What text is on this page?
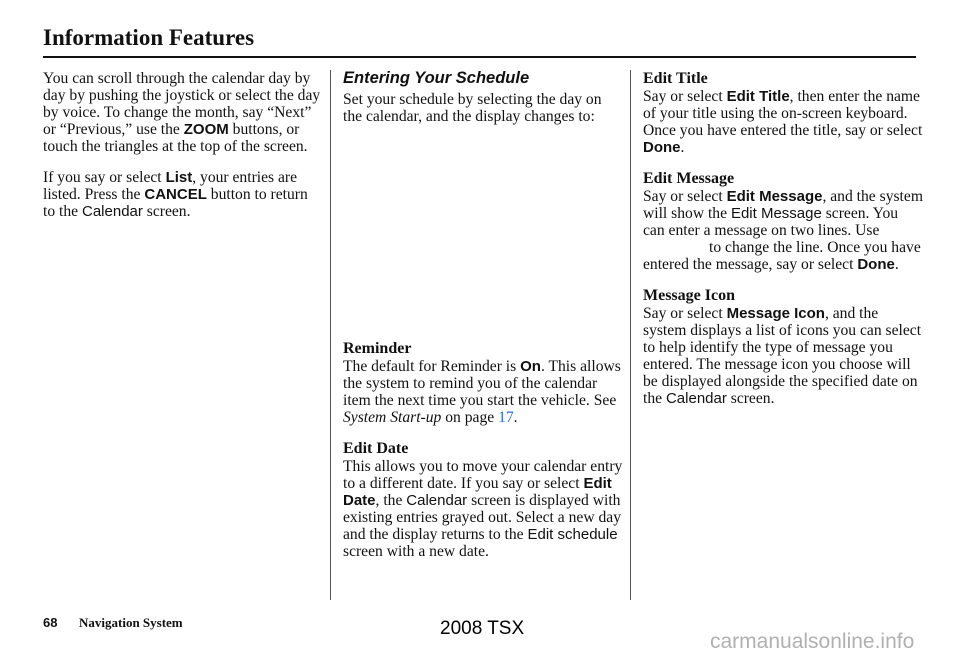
Information Features

You can scroll through the calendar day by day by pushing the joystick or select the day by voice. To change the month, say “Next” or “Previous,” use the ZOOM buttons, or touch the triangles at the top of the screen.

If you say or select List, your entries are listed. Press the CANCEL button to return to the Calendar screen.

Entering Your Schedule

Set your schedule by selecting the day on the calendar, and the display changes to:

Reminder

The default for Reminder is On. This allows the system to remind you of the calendar item the next time you start the vehicle. See System Start-up on page 17.

Edit Date

This allows you to move your calendar entry to a different date. If you say or select Edit Date, the Calendar screen is displayed with existing entries grayed out. Select a new day and the display returns to the Edit schedule screen with a new date.

Edit Title

Say or select Edit Title, then enter the name of your title using the on-screen keyboard. Once you have entered the title, say or select Done.

Edit Message

Say or select Edit Message, and the system will show the Edit Message screen. You can enter a message on two lines. Useto change the line. Once you have entered the message, say or select Done.

Message Icon

Say or select Message Icon, and the system displays a list of icons you can select to help identify the type of message you entered. The message icon you choose will be displayed alongside the specified date on the Calendar screen.

68 Navigation System	2008 TSX
carmanualsonline.info
